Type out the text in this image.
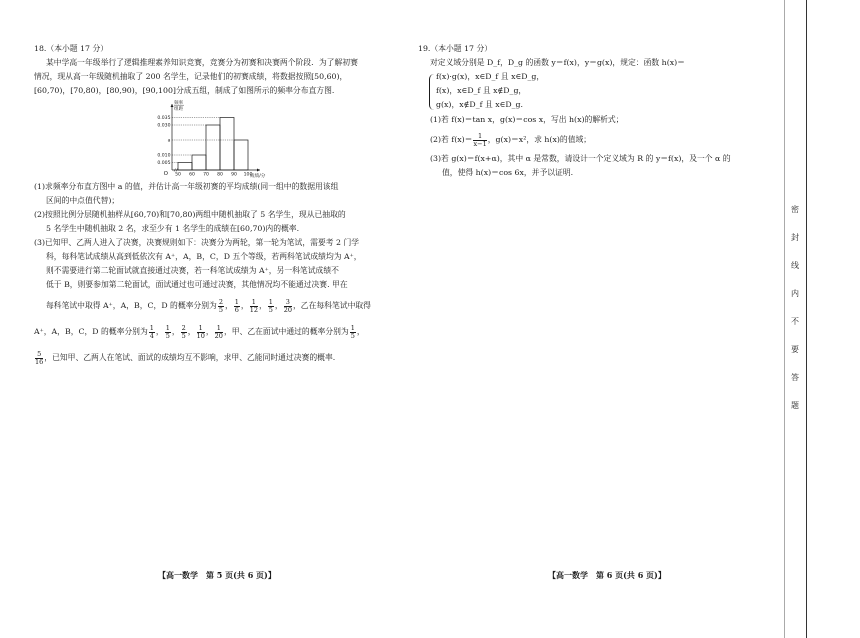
18.（本小题 17 分）
某中学高一年级举行了逻辑推理素养知识竞赛，竞赛分为初赛和决赛两个阶段．为了解初赛
情况，现从高一年级随机抽取了 200 名学生，记录他们的初赛成绩，将数据按照[50,60)，
[60,70)，[70,80)，[80,90)，[90,100]分成五组，制成了如图所示的频率分布直方图.
频率
组距
成绩/分
O
0.035
0.030
a
0.010
0.005
50 60 70 80 90 100
(1)求频率分布直方图中 a 的值，并估计高一年级初赛的平均成绩(同一组中的数据用该组
区间的中点值代替)；
(2)按照比例分层随机抽样从[60,70)和[70,80)两组中随机抽取了 5 名学生，现从已抽取的
5 名学生中随机抽取 2 名，求至少有 1 名学生的成绩在[60,70)内的概率.
(3)已知甲、乙两人进入了决赛，决赛规则如下：决赛分为两轮，第一轮为笔试，需要考 2 门学
科，每科笔试成绩从高到低依次有 A⁺，A，B，C，D 五个等级，若两科笔试成绩均为 A⁺，
则不需要进行第二轮面试就直接通过决赛，若一科笔试成绩为 A⁺，另一科笔试成绩不
低于 B，则要参加第二轮面试，面试通过也可通过决赛，其他情况均不能通过决赛. 甲在
每科笔试中取得 A⁺，A，B，C，D 的概率分别为 $\frac{2}{5}$ ， $\frac{1}{6}$ ， $\frac{1}{12}$ ， $\frac{1}{5}$ ， $\frac{3}{20}$ ，乙在每科笔试中取得
A⁺，A，B，C，D 的概率分别为 $\frac{1}{4}$ ， $\frac{1}{5}$ ， $\frac{2}{5}$ ， $\frac{1}{10}$ ， $\frac{1}{20}$ ，甲、乙在面试中通过的概率分别为 $\frac{1}{5}$ ，
$\frac{5}{16}$ ，已知甲、乙两人在笔试、面试的成绩均互不影响，求甲、乙能同时通过决赛的概率.
19.（本小题 17 分）
对定义域分别是 D_f，D_g 的函数 y＝f(x)，y＝g(x)，规定：函数 h(x)＝
f(x)·g(x)，x∈D_f 且 x∈D_g，
f(x)，x∈D_f 且 x∉D_g，
g(x)，x∉D_f 且 x∈D_g.
(1)若 f(x)＝tan x，g(x)＝cos x，写出 h(x)的解析式；
(2)若 $f(x)= \frac{1}{x-1}$ ，g(x)＝x²，求 h(x)的值域；
(3)若 g(x)＝f(x+α)，其中 α 是常数，请设计一个定义域为 R 的 y＝f(x)，及一个 α 的
值，使得 h(x)＝cos 6x，并予以证明.
【高一数学　第 5 页(共 6 页)】	【高一数学　第 6 页(共 6 页)】
密
封
线
内
不
要
答
题
